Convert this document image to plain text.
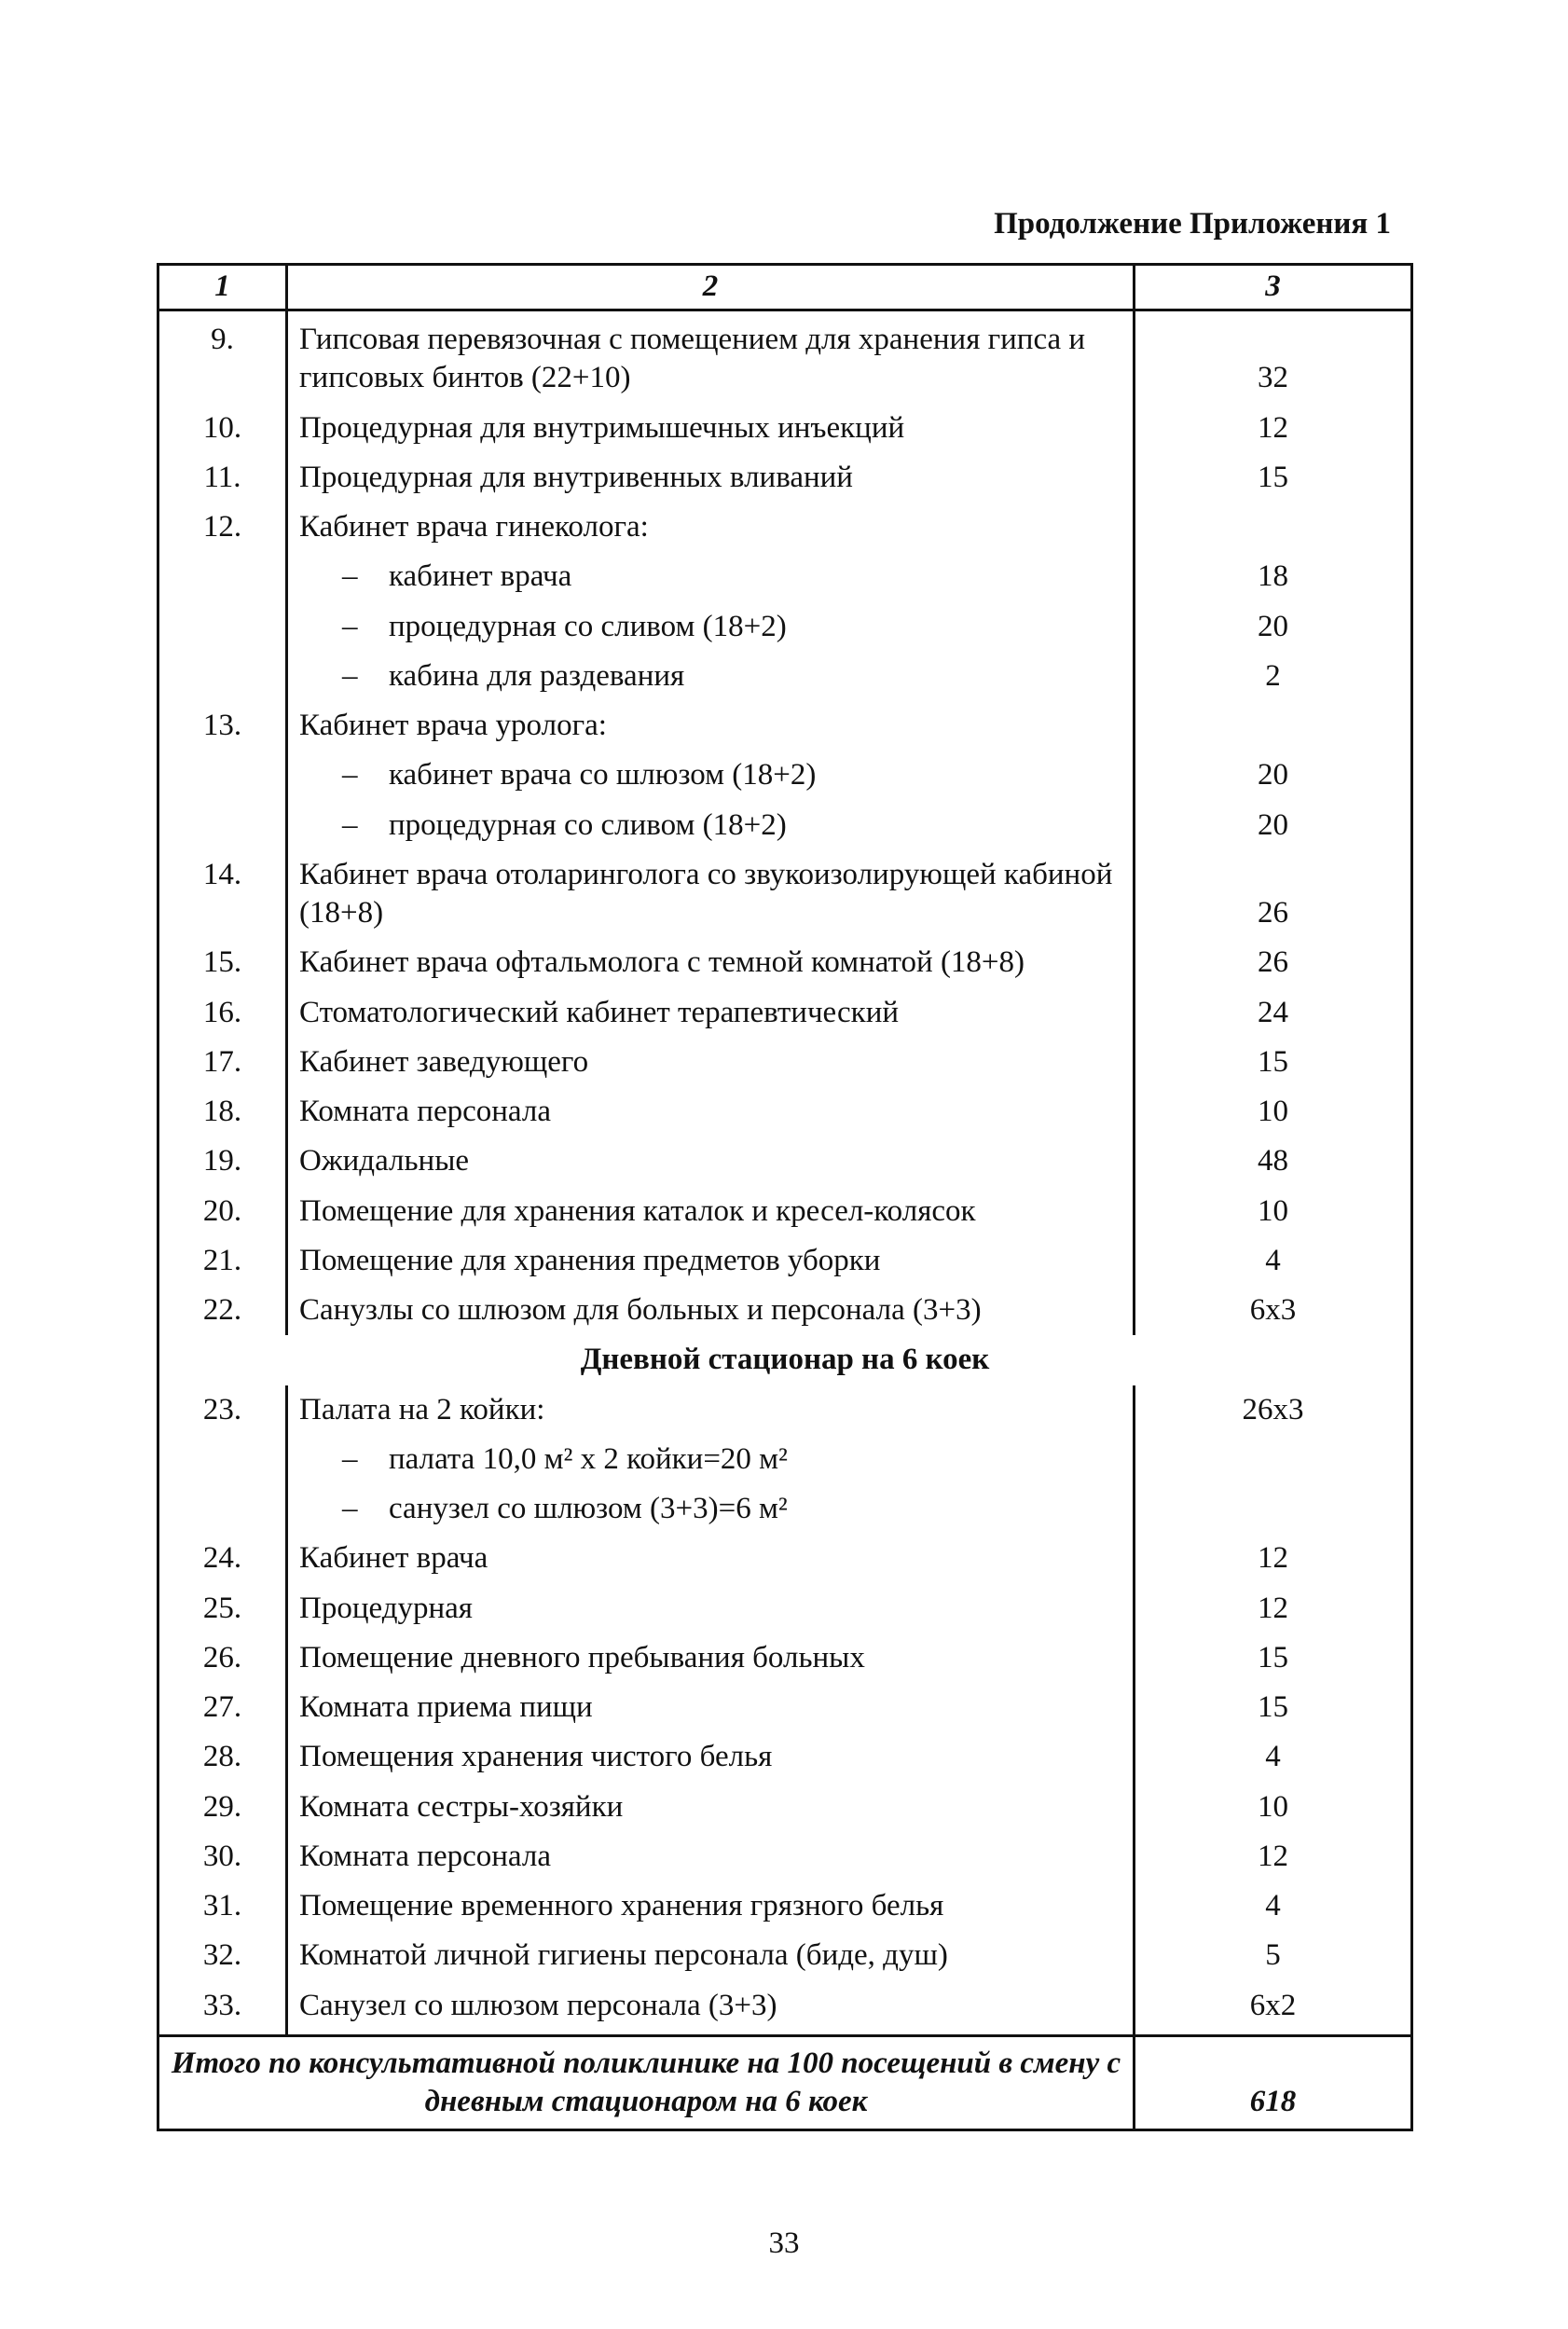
Продолжение Приложения 1
1	2	3
9.	Гипсовая перевязочная с помещением для хранения гипса и гипсовых бинтов (22+10)	32
10.	Процедурная для внутримышечных инъекций	12
11.	Процедурная для внутривенных вливаний	15
12.	Кабинет врача гинеколога:	
	– кабинет врача	18
	– процедурная со сливом (18+2)	20
	– кабина для раздевания	2
13.	Кабинет врача уролога:	
	– кабинет врача со шлюзом (18+2)	20
	– процедурная со сливом (18+2)	20
14.	Кабинет врача отоларинголога со звукоизолирующей кабиной (18+8)	26
15.	Кабинет врача офтальмолога с темной комнатой (18+8)	26
16.	Стоматологический кабинет терапевтический	24
17.	Кабинет заведующего	15
18.	Комната персонала	10
19.	Ожидальные	48
20.	Помещение для хранения каталок и кресел-колясок	10
21.	Помещение для хранения предметов уборки	4
22.	Санузлы со шлюзом для больных и персонала (3+3)	6х3
Дневной стационар на 6 коек		
23.	Палата на 2 койки:	26х3
	– палата 10,0 м² х 2 койки=20 м²	
	– санузел со шлюзом (3+3)=6 м²	
24.	Кабинет врача	12
25.	Процедурная	12
26.	Помещение дневного пребывания больных	15
27.	Комната приема пищи	15
28.	Помещения хранения чистого белья	4
29.	Комната сестры-хозяйки	10
30.	Комната персонала	12
31.	Помещение временного хранения грязного белья	4
32.	Комнатой личной гигиены персонала (биде, душ)	5
33.	Санузел со шлюзом персонала (3+3)	6х2
Итого по консультативной поликлинике на 100 посещений в смену с дневным стационаром на 6 коек		618
33
